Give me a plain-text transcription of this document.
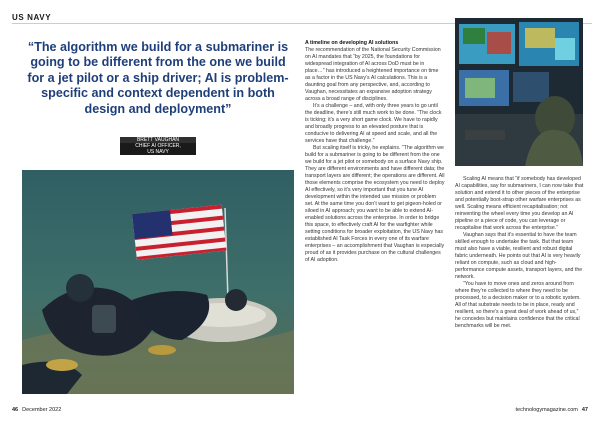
US NAVY

“The algorithm we build for a submariner is going to be different from the one we build for a jet pilot or a ship driver; AI is problem-specific and context dependent in both design and deployment”

BRETT VAUGHAN
CHIEF AI OFFICER,
US NAVY
A timeline on developing AI solutions

The recommendation of the National Security Commission on AI mandates that “by 2025, the foundations for widespread integration of AI across DoD must be in place…” has introduced a heightened importance on time as a factor in the US Navy’s AI calculations. This is a daunting goal from any perspective, and, according to Vaughan, necessitates an expansive adoption strategy across a broad range of disciplines.

It’s a challenge – and, with only three years to go until the deadline, there’s still much work to be done. “The clock is ticking; it’s a very short game clock. We have to rapidly and broadly progress to an elevated posture that is conducive to delivering AI at speed and scale, and all the services have that challenge.”

But scaling itself is tricky, he explains. “The algorithm we build for a submariner is going to be different from the one we build for a jet pilot or somebody on a surface Navy ship. They are different environments and have different data; the transport layers are different; the operations are different. All those elements comprise the ecosystem you need to deploy AI effectively, so it’s very important that you tune AI development within the intended use mission or problem set. At the same time you don’t want to get pigeon-holed or siloed in AI approach; you want to be able to extend AI-enabled solutions across the enterprise. In order to bridge this space, to effectively craft AI for the warfighter while setting conditions for broader exploitation, the US Navy has established AI Task Forces in every one of its warfare enterprises – an accomplishment that Vaughan is especially proud of as it provides purchase on the cultural challenges of AI adoption.

Scaling AI means that “if somebody has developed AI capabilities, say for submariners, I can now take that solution and extend it to other pieces of the enterprise and potentially boot-strap other warfare enterprises as well. Scaling means efficient recapitalisation; not reinventing the wheel every time you develop an AI pipeline or a piece of code, you can leverage or recapitalise that work across the enterprise.”

Vaughan says that it’s essential to have the team skilled enough to undertake the task. But that team must also have a viable, resilient and robust digital fabric underneath. He points out that AI is very heavily reliant on compute, such as cloud and high-performance compute assets, transport layers, and the network.

“You have to move ones and zeros around from where they’re collected to where they need to be processed, to a decision maker or to a robotic system. All of that substrate needs to be in place, ready and resilient, so there’s a great deal of work ahead of us,” he concedes but maintains confidence that the critical benchmarks will be met.

46 December 2022	technologymagazine.com 47
